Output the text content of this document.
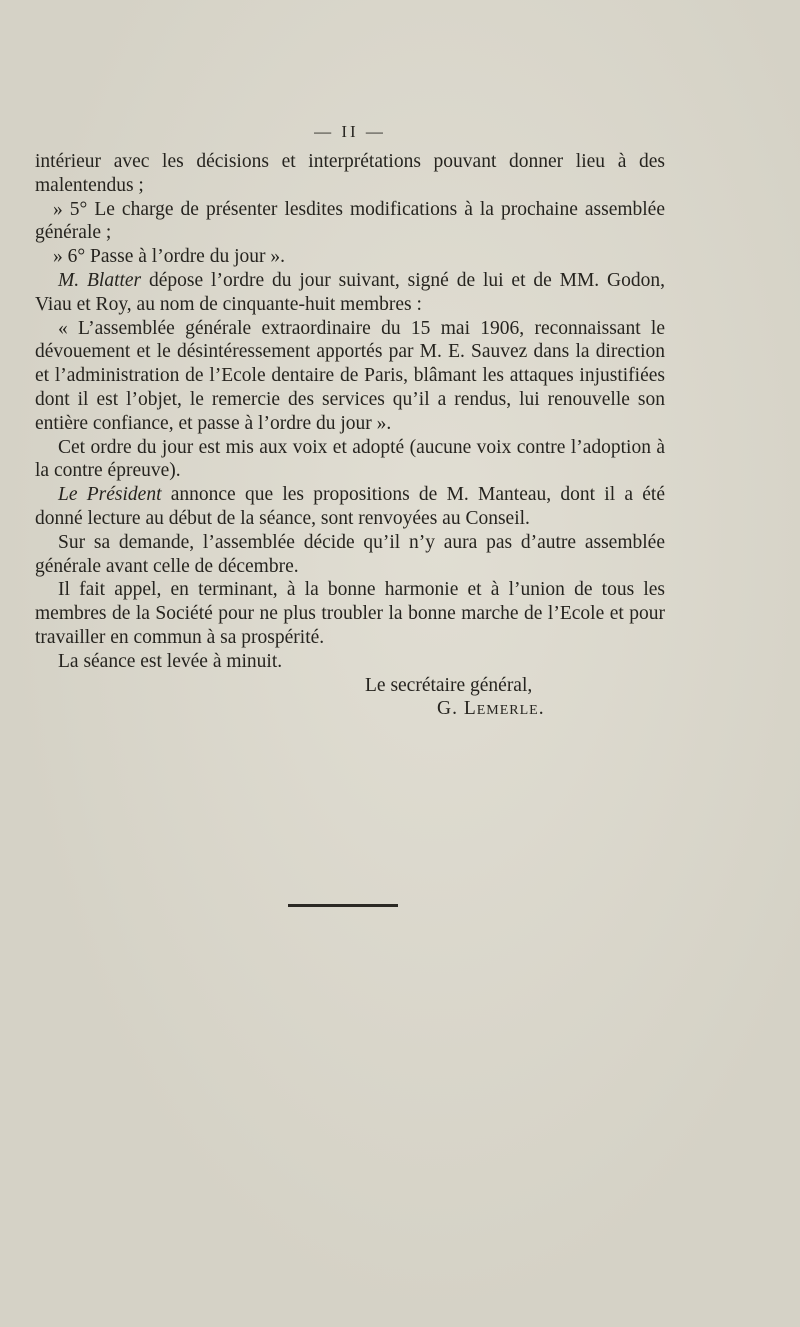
— II —

intérieur avec les décisions et interprétations pouvant donner lieu à des malentendus ;

» 5° Le charge de présenter lesdites modifications à la prochaine assemblée générale ;

» 6° Passe à l’ordre du jour ».

M. Blatter dépose l’ordre du jour suivant, signé de lui et de MM. Godon, Viau et Roy, au nom de cinquante-huit membres :

« L’assemblée générale extraordinaire du 15 mai 1906, reconnaissant le dévouement et le désintéressement apportés par M. E. Sauvez dans la direction et l’administration de l’Ecole dentaire de Paris, blâmant les attaques injustifiées dont il est l’objet, le remercie des services qu’il a rendus, lui renouvelle son entière confiance, et passe à l’ordre du jour ».

Cet ordre du jour est mis aux voix et adopté (aucune voix contre l’adoption à la contre épreuve).

Le Président annonce que les propositions de M. Manteau, dont il a été donné lecture au début de la séance, sont renvoyées au Conseil.

Sur sa demande, l’assemblée décide qu’il n’y aura pas d’autre assemblée générale avant celle de décembre.

Il fait appel, en terminant, à la bonne harmonie et à l’union de tous les membres de la Société pour ne plus troubler la bonne marche de l’Ecole et pour travailler en commun à sa prospérité.

La séance est levée à minuit.

Le secrétaire général,
G. Lemerle.
